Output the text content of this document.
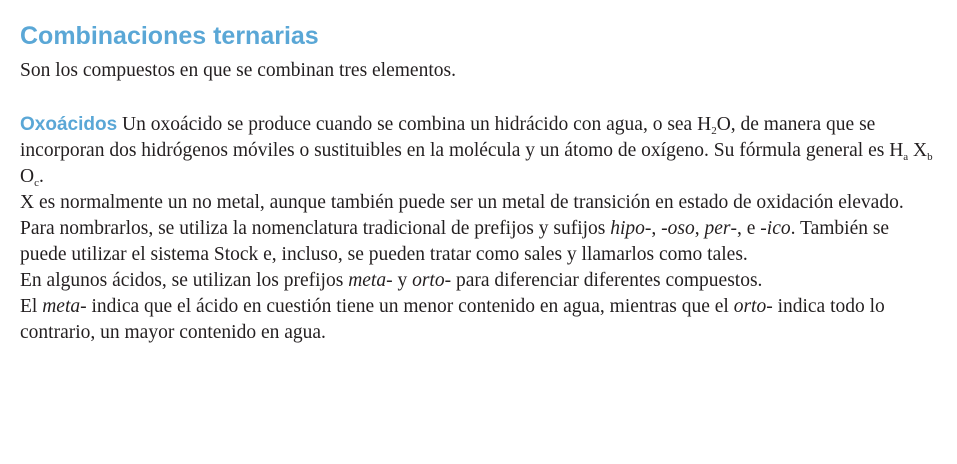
Combinaciones ternarias

Son los compuestos en que se combinan tres elementos.

Oxoácidos Un oxoácido se produce cuando se combina un hidrácido con agua, o sea $H_2O$, de manera que se incorporan dos hidrógenos móviles o sustituibles en la molécula y un átomo de oxígeno. Su fórmula general es $H_a$ $X_b$ $O_c$.

X es normalmente un no metal, aunque también puede ser un metal de transición en estado de oxidación elevado.

Para nombrarlos, se utiliza la nomenclatura tradicional de prefijos y sufijos hipo-, -oso, per-, e -ico. También se puede utilizar el sistema Stock e, incluso, se pueden tratar como sales y llamarlos como tales.

En algunos ácidos, se utilizan los prefijos meta- y orto- para diferenciar diferentes compuestos.

El meta- indica que el ácido en cuestión tiene un menor contenido en agua, mientras que el orto- indica todo lo contrario, un mayor contenido en agua.
